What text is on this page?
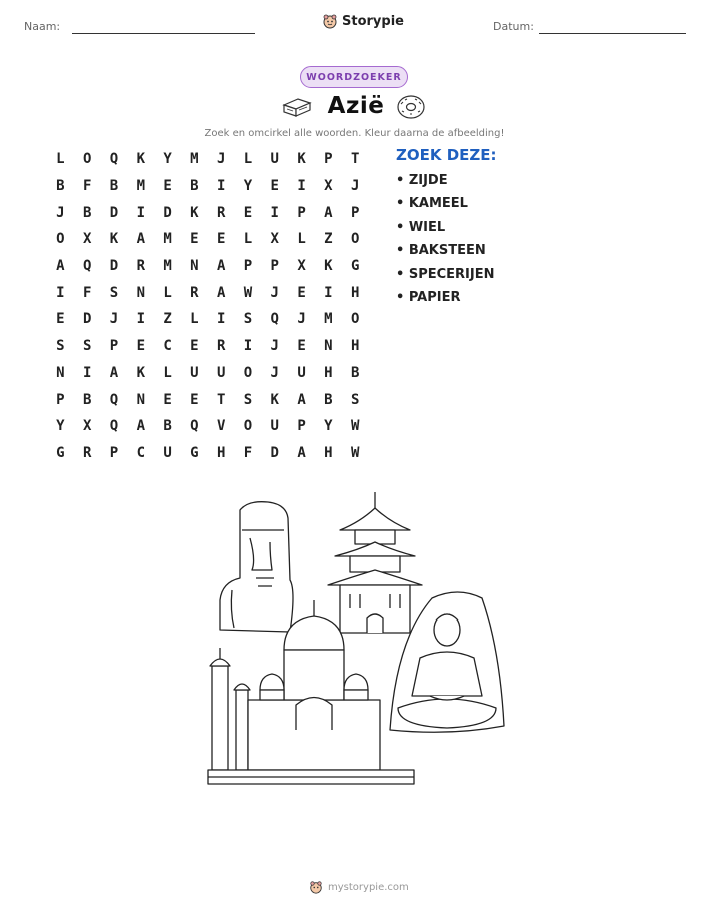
Naam:	Storypie	Datum:
WOORDZOEKER
Azië
Zoek en omcirkel alle woorden. Kleur daarna de afbeelding!
L	O	Q	K	Y	M	J	L	U	K	P	T
B	F	B	M	E	B	I	Y	E	I	X	J
J	B	D	I	D	K	R	E	I	P	A	P
O	X	K	A	M	E	E	L	X	L	Z	O
A	Q	D	R	M	N	A	P	P	X	K	G
I	F	S	N	L	R	A	W	J	E	I	H
E	D	J	I	Z	L	I	S	Q	J	M	O
S	S	P	E	C	E	R	I	J	E	N	H
N	I	A	K	L	U	U	O	J	U	H	B
P	B	Q	N	E	E	T	S	K	A	B	S
Y	X	Q	A	B	Q	V	O	U	P	Y	W
G	R	P	C	U	G	H	F	D	A	H	W
ZOEK DEZE:
• ZIJDE
• KAMEEL
• WIEL
• BAKSTEEN
• SPECERIJEN
• PAPIER
mystorypie.com
